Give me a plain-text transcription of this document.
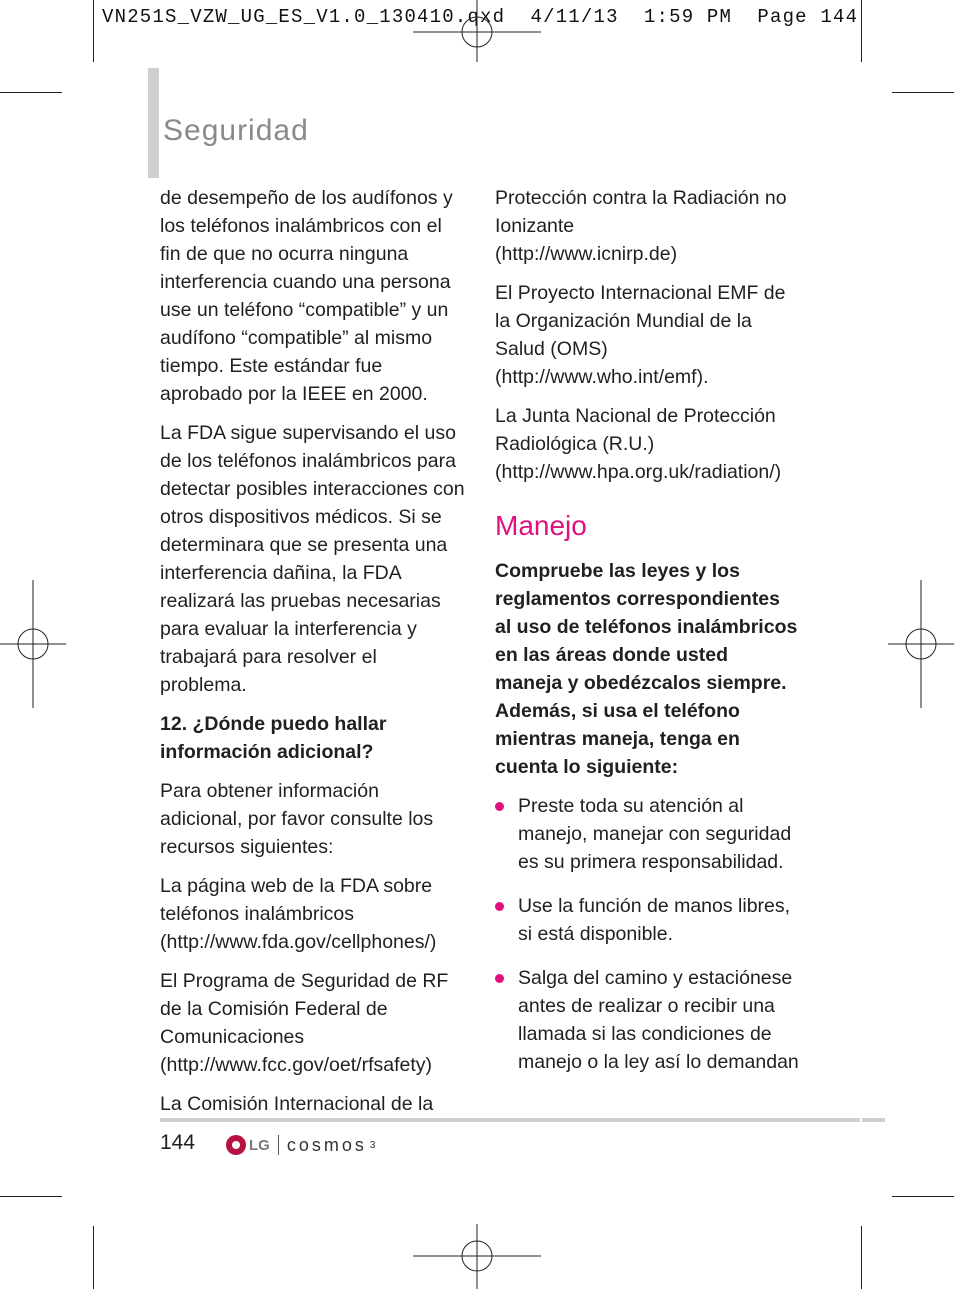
VN251S_VZW_UG_ES_V1.0_130410.qxd 4/11/13 1:59 PM Page 144
Seguridad

de desempeño de los audífonos y los teléfonos inalámbricos con el fin de que no ocurra ninguna interferencia cuando una persona use un teléfono “compatible” y un audífono “compatible” al mismo tiempo. Este estándar fue aprobado por la IEEE en 2000.

La FDA sigue supervisando el uso de los teléfonos inalámbricos para detectar posibles interacciones con otros dispositivos médicos. Si se determinara que se presenta una interferencia dañina, la FDA realizará las pruebas necesarias para evaluar la interferencia y trabajará para resolver el problema.

12. ¿Dónde puedo hallar información adicional?

Para obtener información adicional, por favor consulte los recursos siguientes:

La página web de la FDA sobre teléfonos inalámbricos
(http://www.fda.gov/cellphones/)

El Programa de Seguridad de RF de la Comisión Federal de Comunicaciones
(http://www.fcc.gov/oet/rfsafety)

La Comisión Internacional de la

Protección contra la Radiación no Ionizante
(http://www.icnirp.de)

El Proyecto Internacional EMF de la Organización Mundial de la Salud (OMS)
(http://www.who.int/emf).

La Junta Nacional de Protección Radiológica (R.U.)
(http://www.hpa.org.uk/radiation/)

Manejo

Compruebe las leyes y los reglamentos correspondientes al uso de teléfonos inalámbricos en las áreas donde usted maneja y obedézcalos siempre. Además, si usa el teléfono mientras maneja, tenga en cuenta lo siguiente:

Preste toda su atención al manejo, manejar con seguridad es su primera responsabilidad.
Use la función de manos libres, si está disponible.
Salga del camino y estaciónese antes de realizar o recibir una llamada si las condiciones de manejo o la ley así lo demandan
144	LG cosmos 3
